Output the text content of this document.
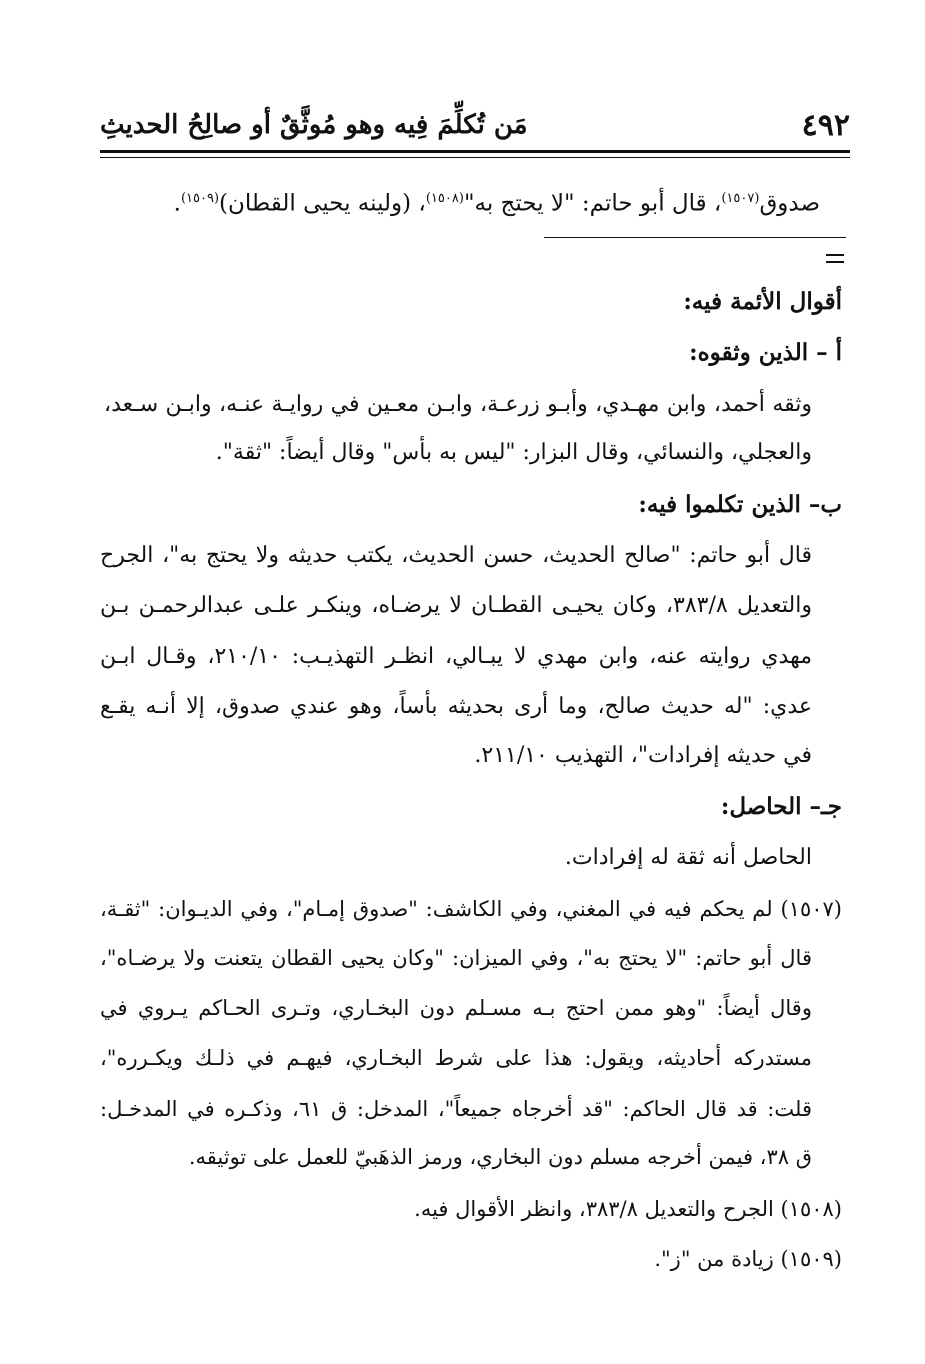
٤٩٢
مَن تُكلِّمَ فِيه وهو مُوثَّقٌ أو صالِحُ الحديثِ
صدوق$^{(١٥٠٧)}$، قال أبو حاتم: "لا يحتج به"$^{(١٥٠٨)}$، (ولينه يحيى القطان)$^{(١٥٠٩)}$.
أقوال الأئمة فيه:
أ – الذين وثقوه:
وثقه أحمد، وابن مهـدي، وأبـو زرعـة، وابـن معـين في روايـة عنـه، وابـن سـعد،
والعجلي، والنسائي، وقال البزار: "ليس به بأس" وقال أيضاً: "ثقة".
ب– الذين تكلموا فيه:
قال أبو حاتم: "صالح الحديث، حسن الحديث، يكتب حديثه ولا يحتج به"، الجرح
والتعديل ٣٨٣/٨، وكان يحيـى القطـان لا يرضـاه، وينكـر علـى عبدالرحمـن بـن
مهدي روايته عنه، وابن مهدي لا يبـالي، انظـر التهذيـب: ٢١٠/١٠، وقـال ابـن
عدي: "له حديث صالح، وما أرى بحديثه بأساً، وهو عندي صدوق، إلا أنـه يقـع
في حديثه إفرادات"، التهذيب ٢١١/١٠.
جـ– الحاصل:
الحاصل أنه ثقة له إفرادات.
(١٥٠٧) لم يحكم فيه في المغني، وفي الكاشف: "صدوق إمـام"، وفي الديـوان: "ثقـة،
قال أبو حاتم: "لا يحتج به"، وفي الميزان: "وكان يحيى القطان يتعنت ولا يرضـاه"،
وقال أيضاً: "وهو ممن احتج بـه مسـلم دون البخـاري، وتـرى الحـاكم يـروي في
مستدركه أحاديثه، ويقول: هذا على شرط البخـاري، فيهـم في ذلـك ويكـرره"،
قلت: قد قال الحاكم: "قد أخرجاه جميعاً"، المدخل: ق ٦١، وذكـره في المدخـل:
ق ٣٨، فيمن أخرجه مسلم دون البخاري، ورمز الذهَبيّ للعمل على توثيقه.
(١٥٠٨) الجرح والتعديل ٣٨٣/٨، وانظر الأقوال فيه.
(١٥٠٩) زيادة من "ز".
